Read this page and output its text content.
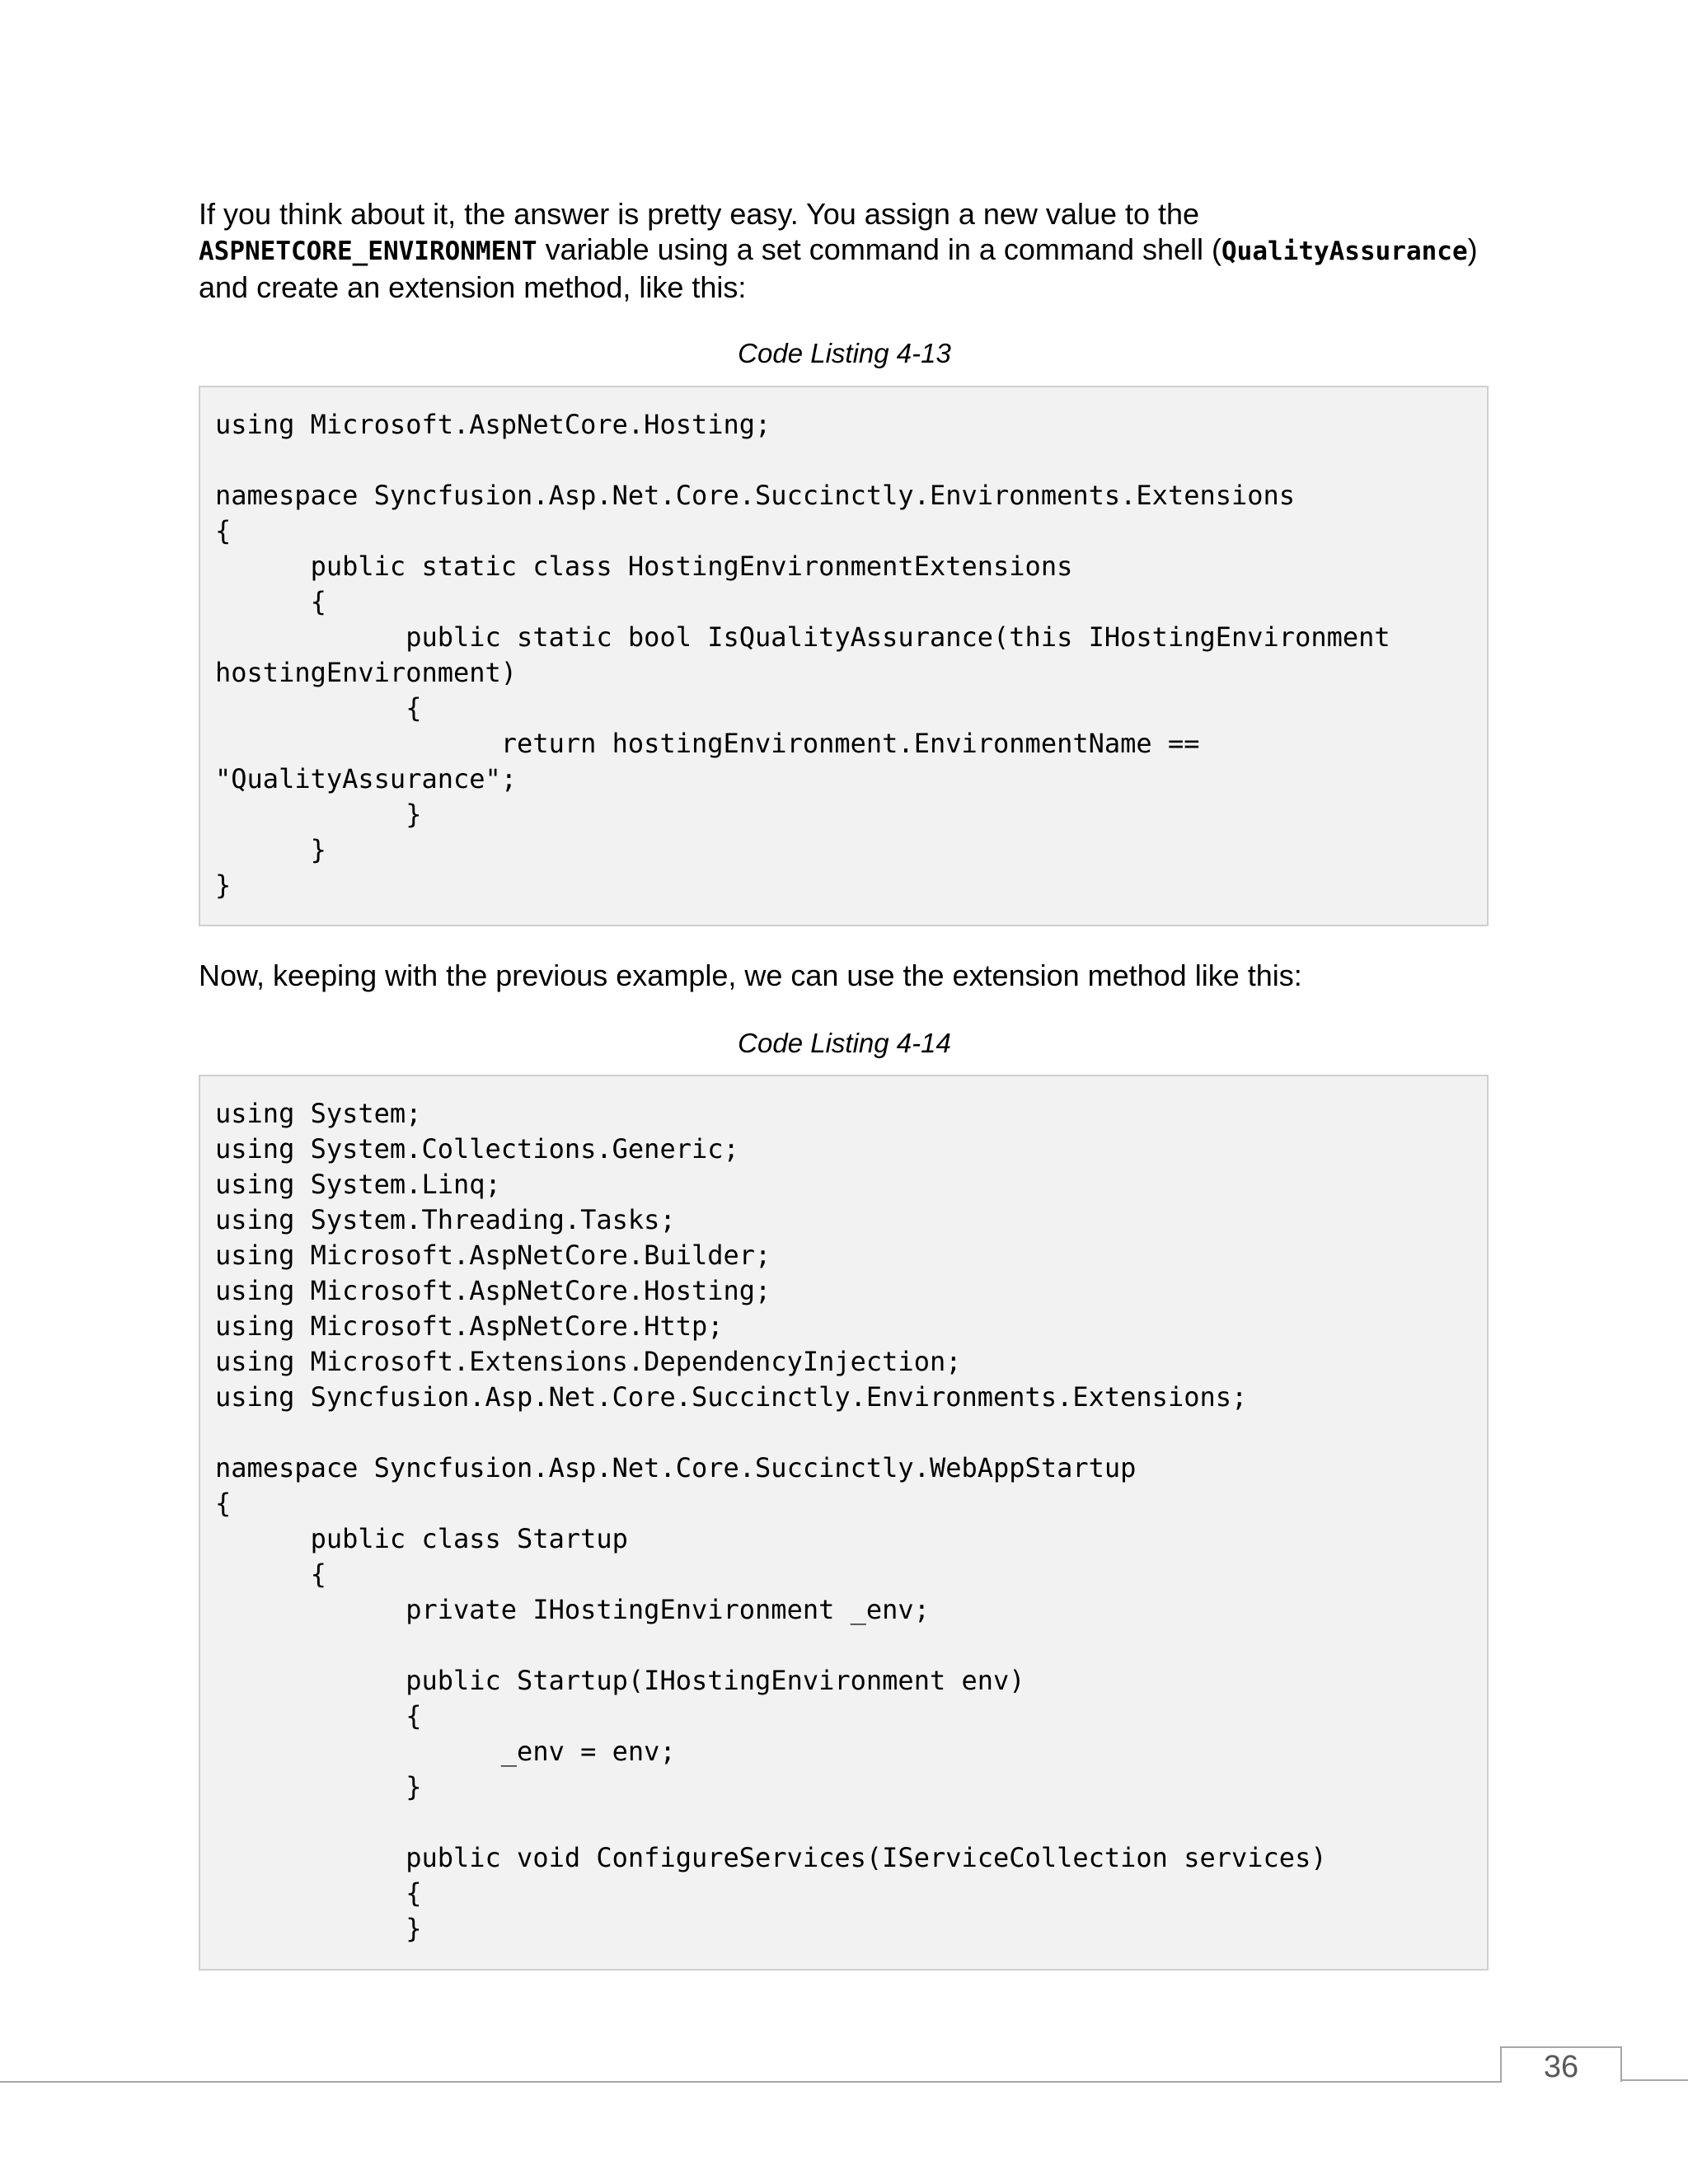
If you think about it, the answer is pretty easy. You assign a new value to the ASPNETCORE_ENVIRONMENT variable using a set command in a command shell (QualityAssurance) and create an extension method, like this:

Code Listing 4-13

using Microsoft.AspNetCore.Hosting;

namespace Syncfusion.Asp.Net.Core.Succinctly.Environments.Extensions
{
	public static class HostingEnvironmentExtensions
	{
		public static bool IsQualityAssurance(this IHostingEnvironment
hostingEnvironment)
		{
			return hostingEnvironment.EnvironmentName ==
"QualityAssurance";
		}
	}
}

Now, keeping with the previous example, we can use the extension method like this:

Code Listing 4-14

using System;
using System.Collections.Generic;
using System.Linq;
using System.Threading.Tasks;
using Microsoft.AspNetCore.Builder;
using Microsoft.AspNetCore.Hosting;
using Microsoft.AspNetCore.Http;
using Microsoft.Extensions.DependencyInjection;
using Syncfusion.Asp.Net.Core.Succinctly.Environments.Extensions;

namespace Syncfusion.Asp.Net.Core.Succinctly.WebAppStartup
{
	public class Startup
	{
		private IHostingEnvironment _env;

		public Startup(IHostingEnvironment env)
		{
			_env = env;
		}

		public void ConfigureServices(IServiceCollection services)
		{
		}
36
